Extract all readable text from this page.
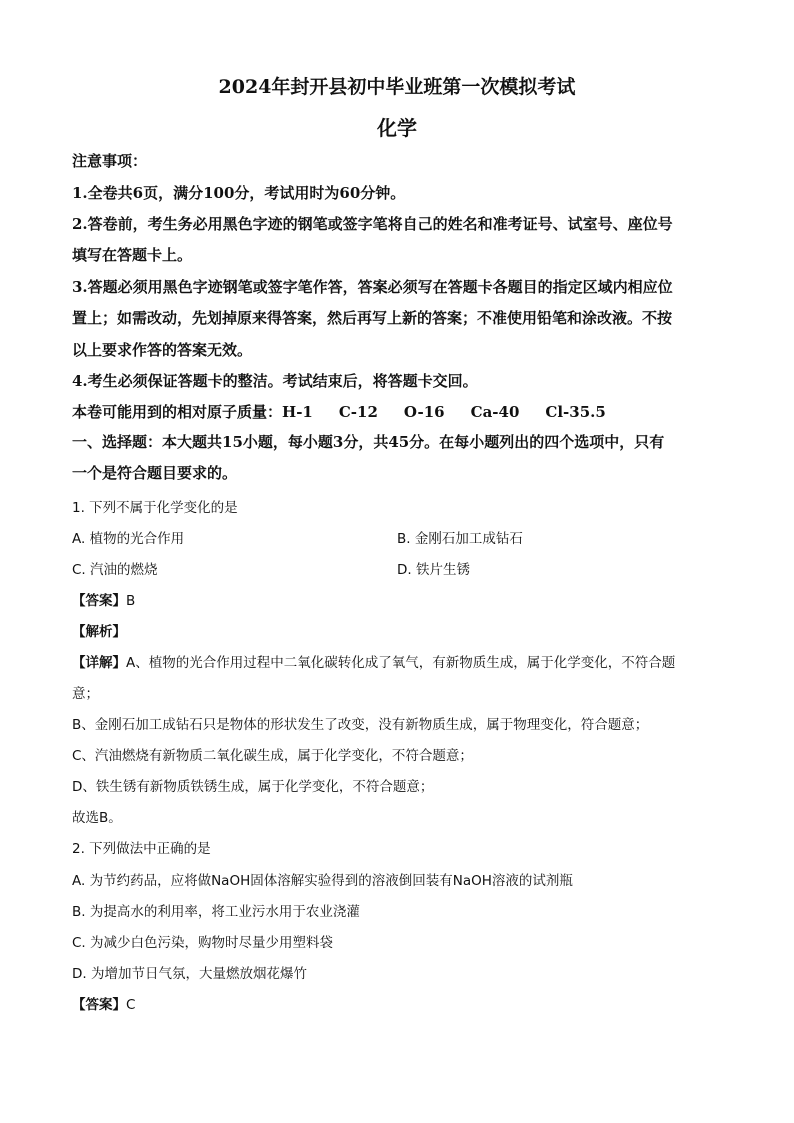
2024年封开县初中毕业班第一次模拟考试
化学
注意事项：
1.全卷共6页，满分100分，考试用时为60分钟。
2.答卷前，考生务必用黑色字迹的钢笔或签字笔将自己的姓名和准考证号、试室号、座位号
填写在答题卡上。
3.答题必须用黑色字迹钢笔或签字笔作答，答案必须写在答题卡各题目的指定区域内相应位
置上；如需改动，先划掉原来得答案，然后再写上新的答案；不准使用铅笔和涂改液。不按
以上要求作答的答案无效。
4.考生必须保证答题卡的整洁。考试结束后，将答题卡交回。
本卷可能用到的相对原子质量：H-1 C-12 O-16 Ca-40 Cl-35.5
一、选择题：本大题共15小题，每小题3分，共45分。在每小题列出的四个选项中，只有
一个是符合题目要求的。
1. 下列不属于化学变化的是
A. 植物的光合作用	B. 金刚石加工成钻石
C. 汽油的燃烧	D. 铁片生锈
【答案】B
【解析】
【详解】A、植物的光合作用过程中二氧化碳转化成了氧气，有新物质生成，属于化学变化，不符合题
意；
B、金刚石加工成钻石只是物体的形状发生了改变，没有新物质生成，属于物理变化，符合题意；
C、汽油燃烧有新物质二氧化碳生成，属于化学变化，不符合题意；
D、铁生锈有新物质铁锈生成，属于化学变化，不符合题意；
故选B。
2. 下列做法中正确的是
A. 为节约药品，应将做NaOH固体溶解实验得到的溶液倒回装有NaOH溶液的试剂瓶
B. 为提高水的利用率，将工业污水用于农业浇灌
C. 为减少白色污染，购物时尽量少用塑料袋
D. 为增加节日气氛，大量燃放烟花爆竹
【答案】C
